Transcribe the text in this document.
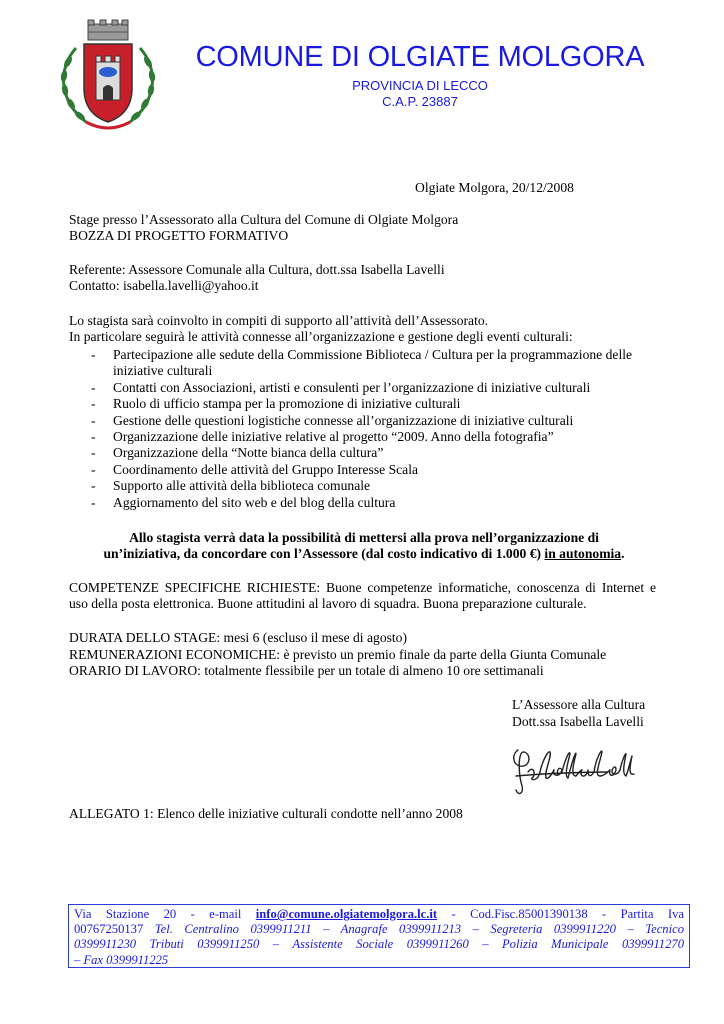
COMUNE DI OLGIATE MOLGORA
PROVINCIA DI LECCO
C.A.P. 23887
Olgiate Molgora, 20/12/2008
Stage presso l’Assessorato alla Cultura del Comune di Olgiate Molgora
BOZZA DI PROGETTO FORMATIVO
Referente: Assessore Comunale alla Cultura, dott.ssa Isabella Lavelli
Contatto: isabella.lavelli@yahoo.it
Lo stagista sarà coinvolto in compiti di supporto all’attività dell’Assessorato.
In particolare seguirà le attività connesse all’organizzazione e gestione degli eventi culturali:
- Partecipazione alle sedute della Commissione Biblioteca / Cultura per la programmazione delle iniziative culturali
- Contatti con Associazioni, artisti e consulenti per l’organizzazione di iniziative culturali
- Ruolo di ufficio stampa per la promozione di iniziative culturali
- Gestione delle questioni logistiche connesse all’organizzazione di iniziative culturali
- Organizzazione delle iniziative relative al progetto “2009. Anno della fotografia”
- Organizzazione della “Notte bianca della cultura”
- Coordinamento delle attività del Gruppo Interesse Scala
- Supporto alle attività della biblioteca comunale
- Aggiornamento del sito web e del blog della cultura
Allo stagista verrà data la possibilità di mettersi alla prova nell’organizzazione di
un’iniziativa, da concordare con l’Assessore (dal costo indicativo di 1.000 €) in autonomia.
COMPETENZE SPECIFICHE RICHIESTE: Buone competenze informatiche, conoscenza di Internet e uso della posta elettronica. Buone attitudini al lavoro di squadra. Buona preparazione culturale.
DURATA DELLO STAGE: mesi 6 (escluso il mese di agosto)
REMUNERAZIONI ECONOMICHE: è previsto un premio finale da parte della Giunta Comunale
ORARIO DI LAVORO: totalmente flessibile per un totale di almeno 10 ore settimanali
L’Assessore alla Cultura
Dott.ssa Isabella Lavelli
Isabella Lavelli
ALLEGATO 1: Elenco delle iniziative culturali condotte nell’anno 2008
Via Stazione 20 - e-mail info@comune.olgiatemolgora.lc.it - Cod.Fisc.85001390138 - Partita Iva
00767250137 Tel. Centralino 0399911211 – Anagrafe 0399911213 – Segreteria 0399911220 – Tecnico
0399911230 Tributi 0399911250 – Assistente Sociale 0399911260 – Polizia Municipale 0399911270
– Fax 0399911225
